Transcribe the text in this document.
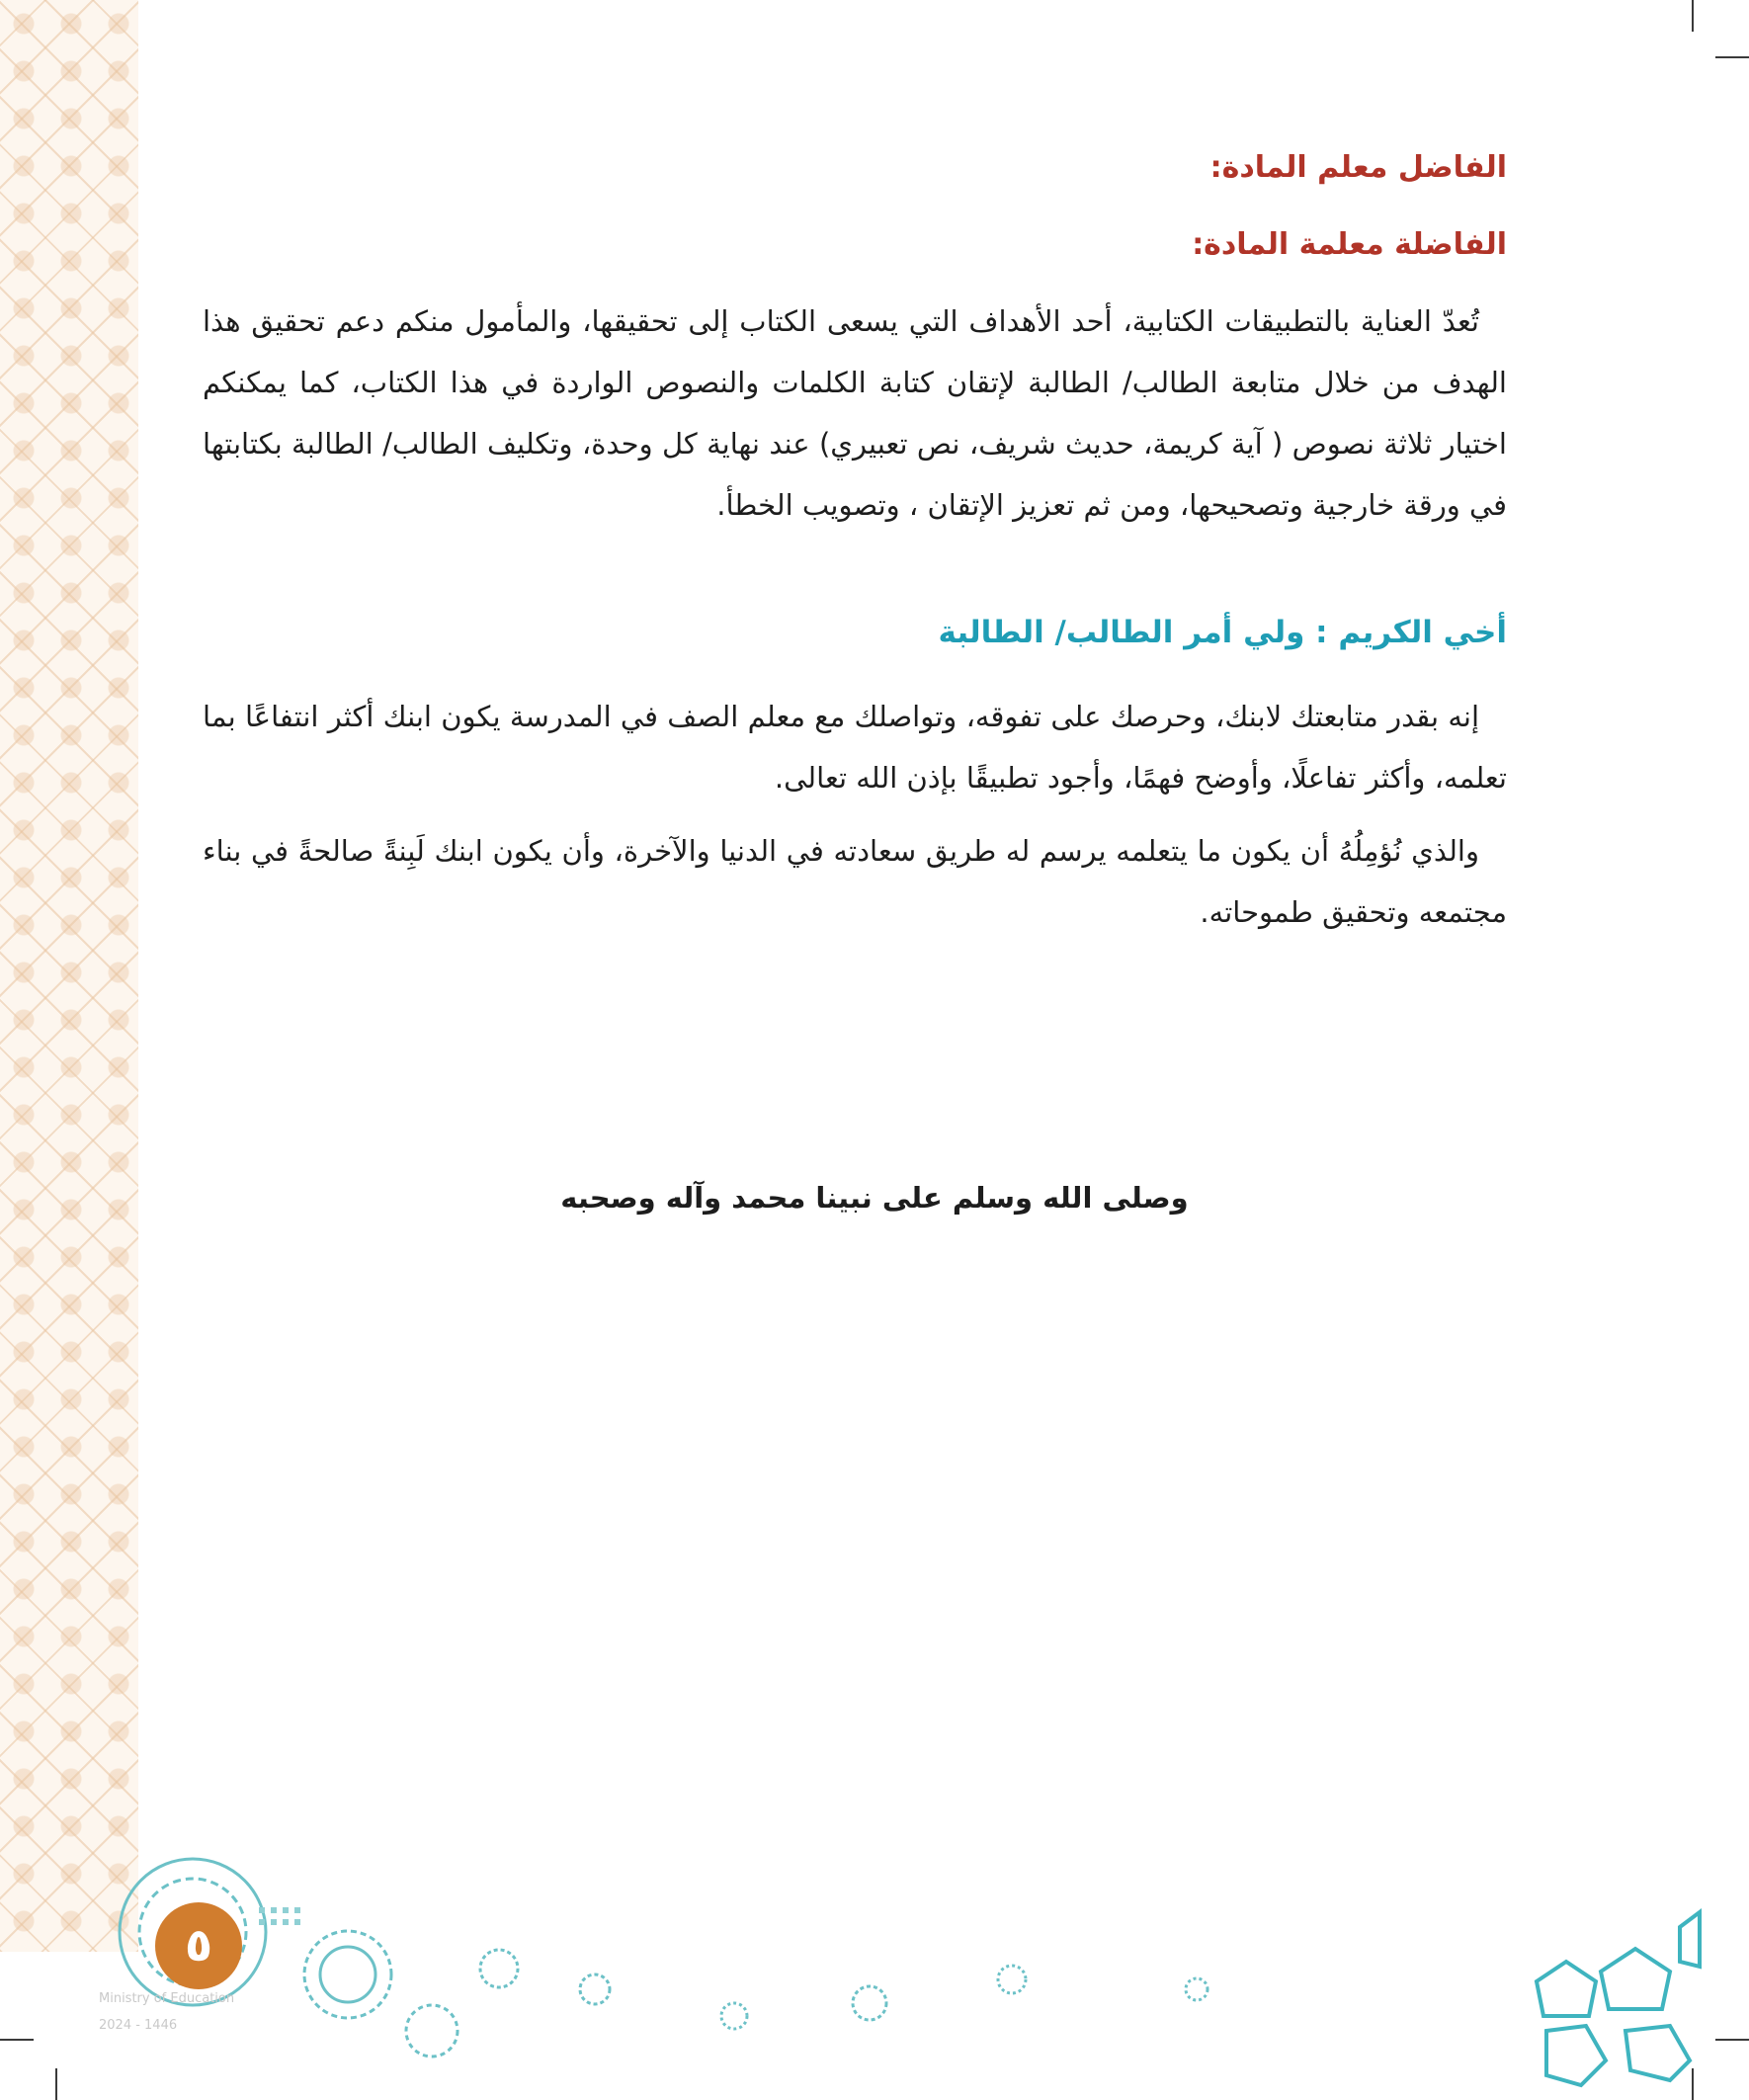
الفاضل معلم المادة:
الفاضلة معلمة المادة:

تُعدّ العناية بالتطبيقات الكتابية، أحد الأهداف التي يسعى الكتاب إلى تحقيقها، والمأمول منكم دعم تحقيق هذا الهدف من خلال متابعة الطالب/ الطالبة لإتقان كتابة الكلمات والنصوص الواردة في هذا الكتاب، كما يمكنكم اختيار ثلاثة نصوص ( آية كريمة، حديث شريف، نص تعبيري) عند نهاية كل وحدة، وتكليف الطالب/ الطالبة بكتابتها في ورقة خارجية وتصحيحها، ومن ثم تعزيز الإتقان ، وتصويب الخطأ.

أخي الكريم : ولي أمر الطالب/ الطالبة

إنه بقدر متابعتك لابنك، وحرصك على تفوقه، وتواصلك مع معلم الصف في المدرسة يكون ابنك أكثر انتفاعًا بما تعلمه، وأكثر تفاعلًا، وأوضح فهمًا، وأجود تطبيقًا بإذن الله تعالى.

والذي نُؤمِلُهُ أن يكون ما يتعلمه يرسم له طريق سعادته في الدنيا والآخرة، وأن يكون ابنك لَبِنةً صالحةً في بناء مجتمعه وتحقيق طموحاته.

وصلى الله وسلم على نبينا محمد وآله وصحبه
٥
Ministry of Education
2024 - 1446
